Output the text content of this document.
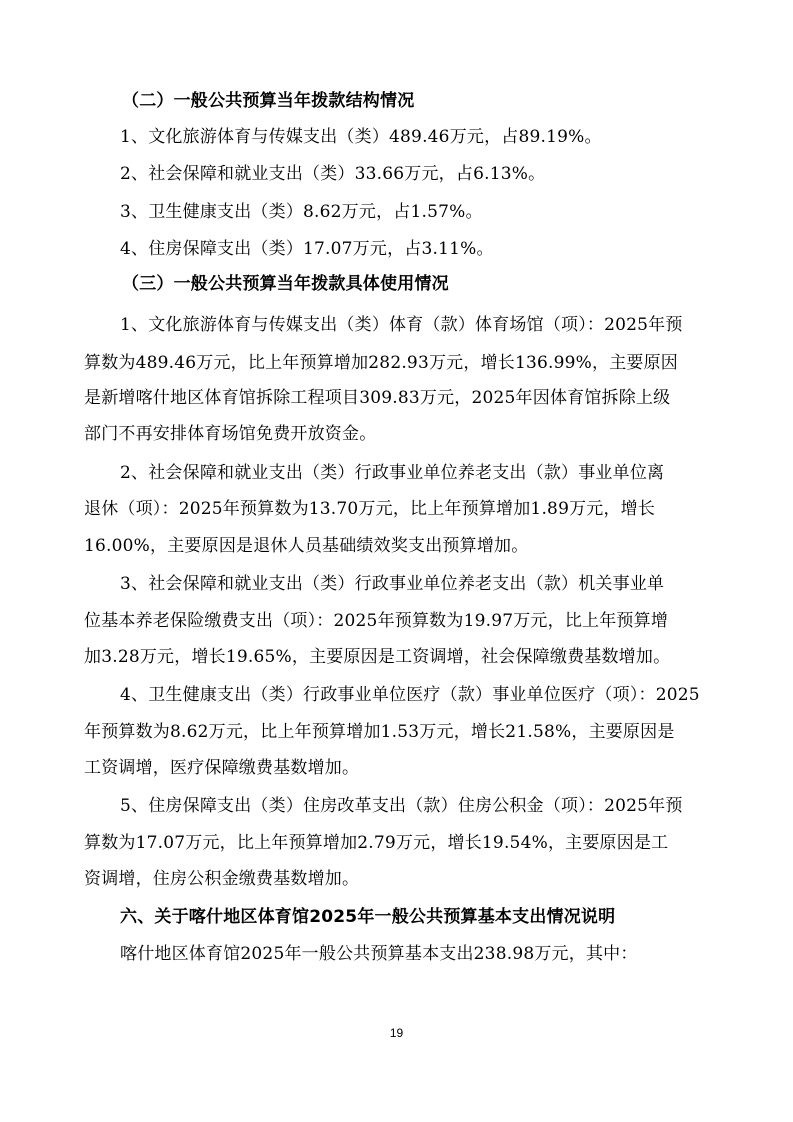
（二）一般公共预算当年拨款结构情况
1、文化旅游体育与传媒支出（类）489.46万元，占89.19%。
2、社会保障和就业支出（类）33.66万元，占6.13%。
3、卫生健康支出（类）8.62万元，占1.57%。
4、住房保障支出（类）17.07万元，占3.11%。
（三）一般公共预算当年拨款具体使用情况
1、文化旅游体育与传媒支出（类）体育（款）体育场馆（项）：2025年预
算数为489.46万元，比上年预算增加282.93万元，增长136.99%，主要原因
是新增喀什地区体育馆拆除工程项目309.83万元，2025年因体育馆拆除上级
部门不再安排体育场馆免费开放资金。
2、社会保障和就业支出（类）行政事业单位养老支出（款）事业单位离
退休（项）：2025年预算数为13.70万元，比上年预算增加1.89万元，增长
16.00%，主要原因是退休人员基础绩效奖支出预算增加。
3、社会保障和就业支出（类）行政事业单位养老支出（款）机关事业单
位基本养老保险缴费支出（项）：2025年预算数为19.97万元，比上年预算增
加3.28万元，增长19.65%，主要原因是工资调增，社会保障缴费基数增加。
4、卫生健康支出（类）行政事业单位医疗（款）事业单位医疗（项）：2025
年预算数为8.62万元，比上年预算增加1.53万元，增长21.58%，主要原因是
工资调增，医疗保障缴费基数增加。
5、住房保障支出（类）住房改革支出（款）住房公积金（项）：2025年预
算数为17.07万元，比上年预算增加2.79万元，增长19.54%，主要原因是工
资调增，住房公积金缴费基数增加。
六、关于喀什地区体育馆2025年一般公共预算基本支出情况说明
喀什地区体育馆2025年一般公共预算基本支出238.98万元，其中：
19
